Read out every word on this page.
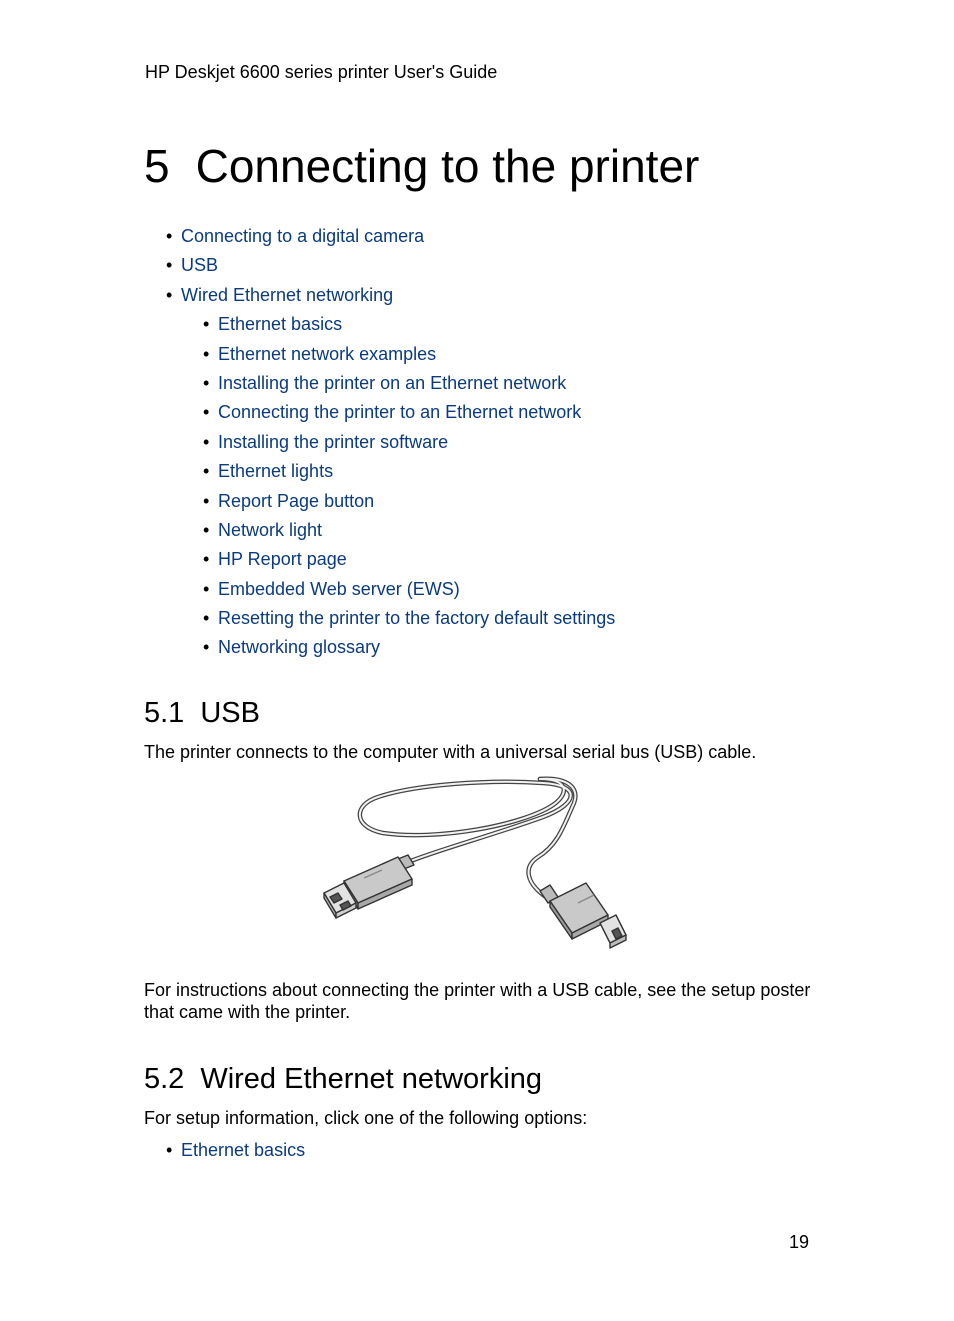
HP Deskjet 6600 series printer User's Guide
5 Connecting to the printer
• Connecting to a digital camera
• USB
• Wired Ethernet networking
• Ethernet basics
• Ethernet network examples
• Installing the printer on an Ethernet network
• Connecting the printer to an Ethernet network
• Installing the printer software
• Ethernet lights
• Report Page button
• Network light
• HP Report page
• Embedded Web server (EWS)
• Resetting the printer to the factory default settings
• Networking glossary
5.1 USB
The printer connects to the computer with a universal serial bus (USB) cable.
For instructions about connecting the printer with a USB cable, see the setup poster
that came with the printer.
5.2 Wired Ethernet networking
For setup information, click one of the following options:
• Ethernet basics
19
